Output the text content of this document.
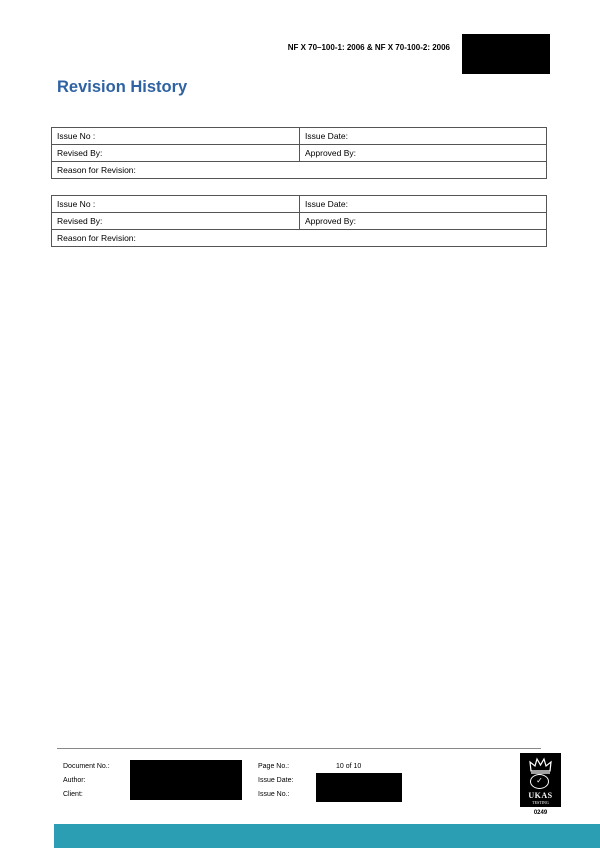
NF X 70–100-1: 2006 & NF X 70-100-2: 2006
Revision History
Issue No :	Issue Date:
Revised By:	Approved By:
Reason for Revision:	
Issue No :	Issue Date:
Revised By:	Approved By:
Reason for Revision:	
Document No.:
Author:
Client:
Page No.:	10 of 10
Issue Date:
Issue No.:
✓
UKAS
TESTING
0249
